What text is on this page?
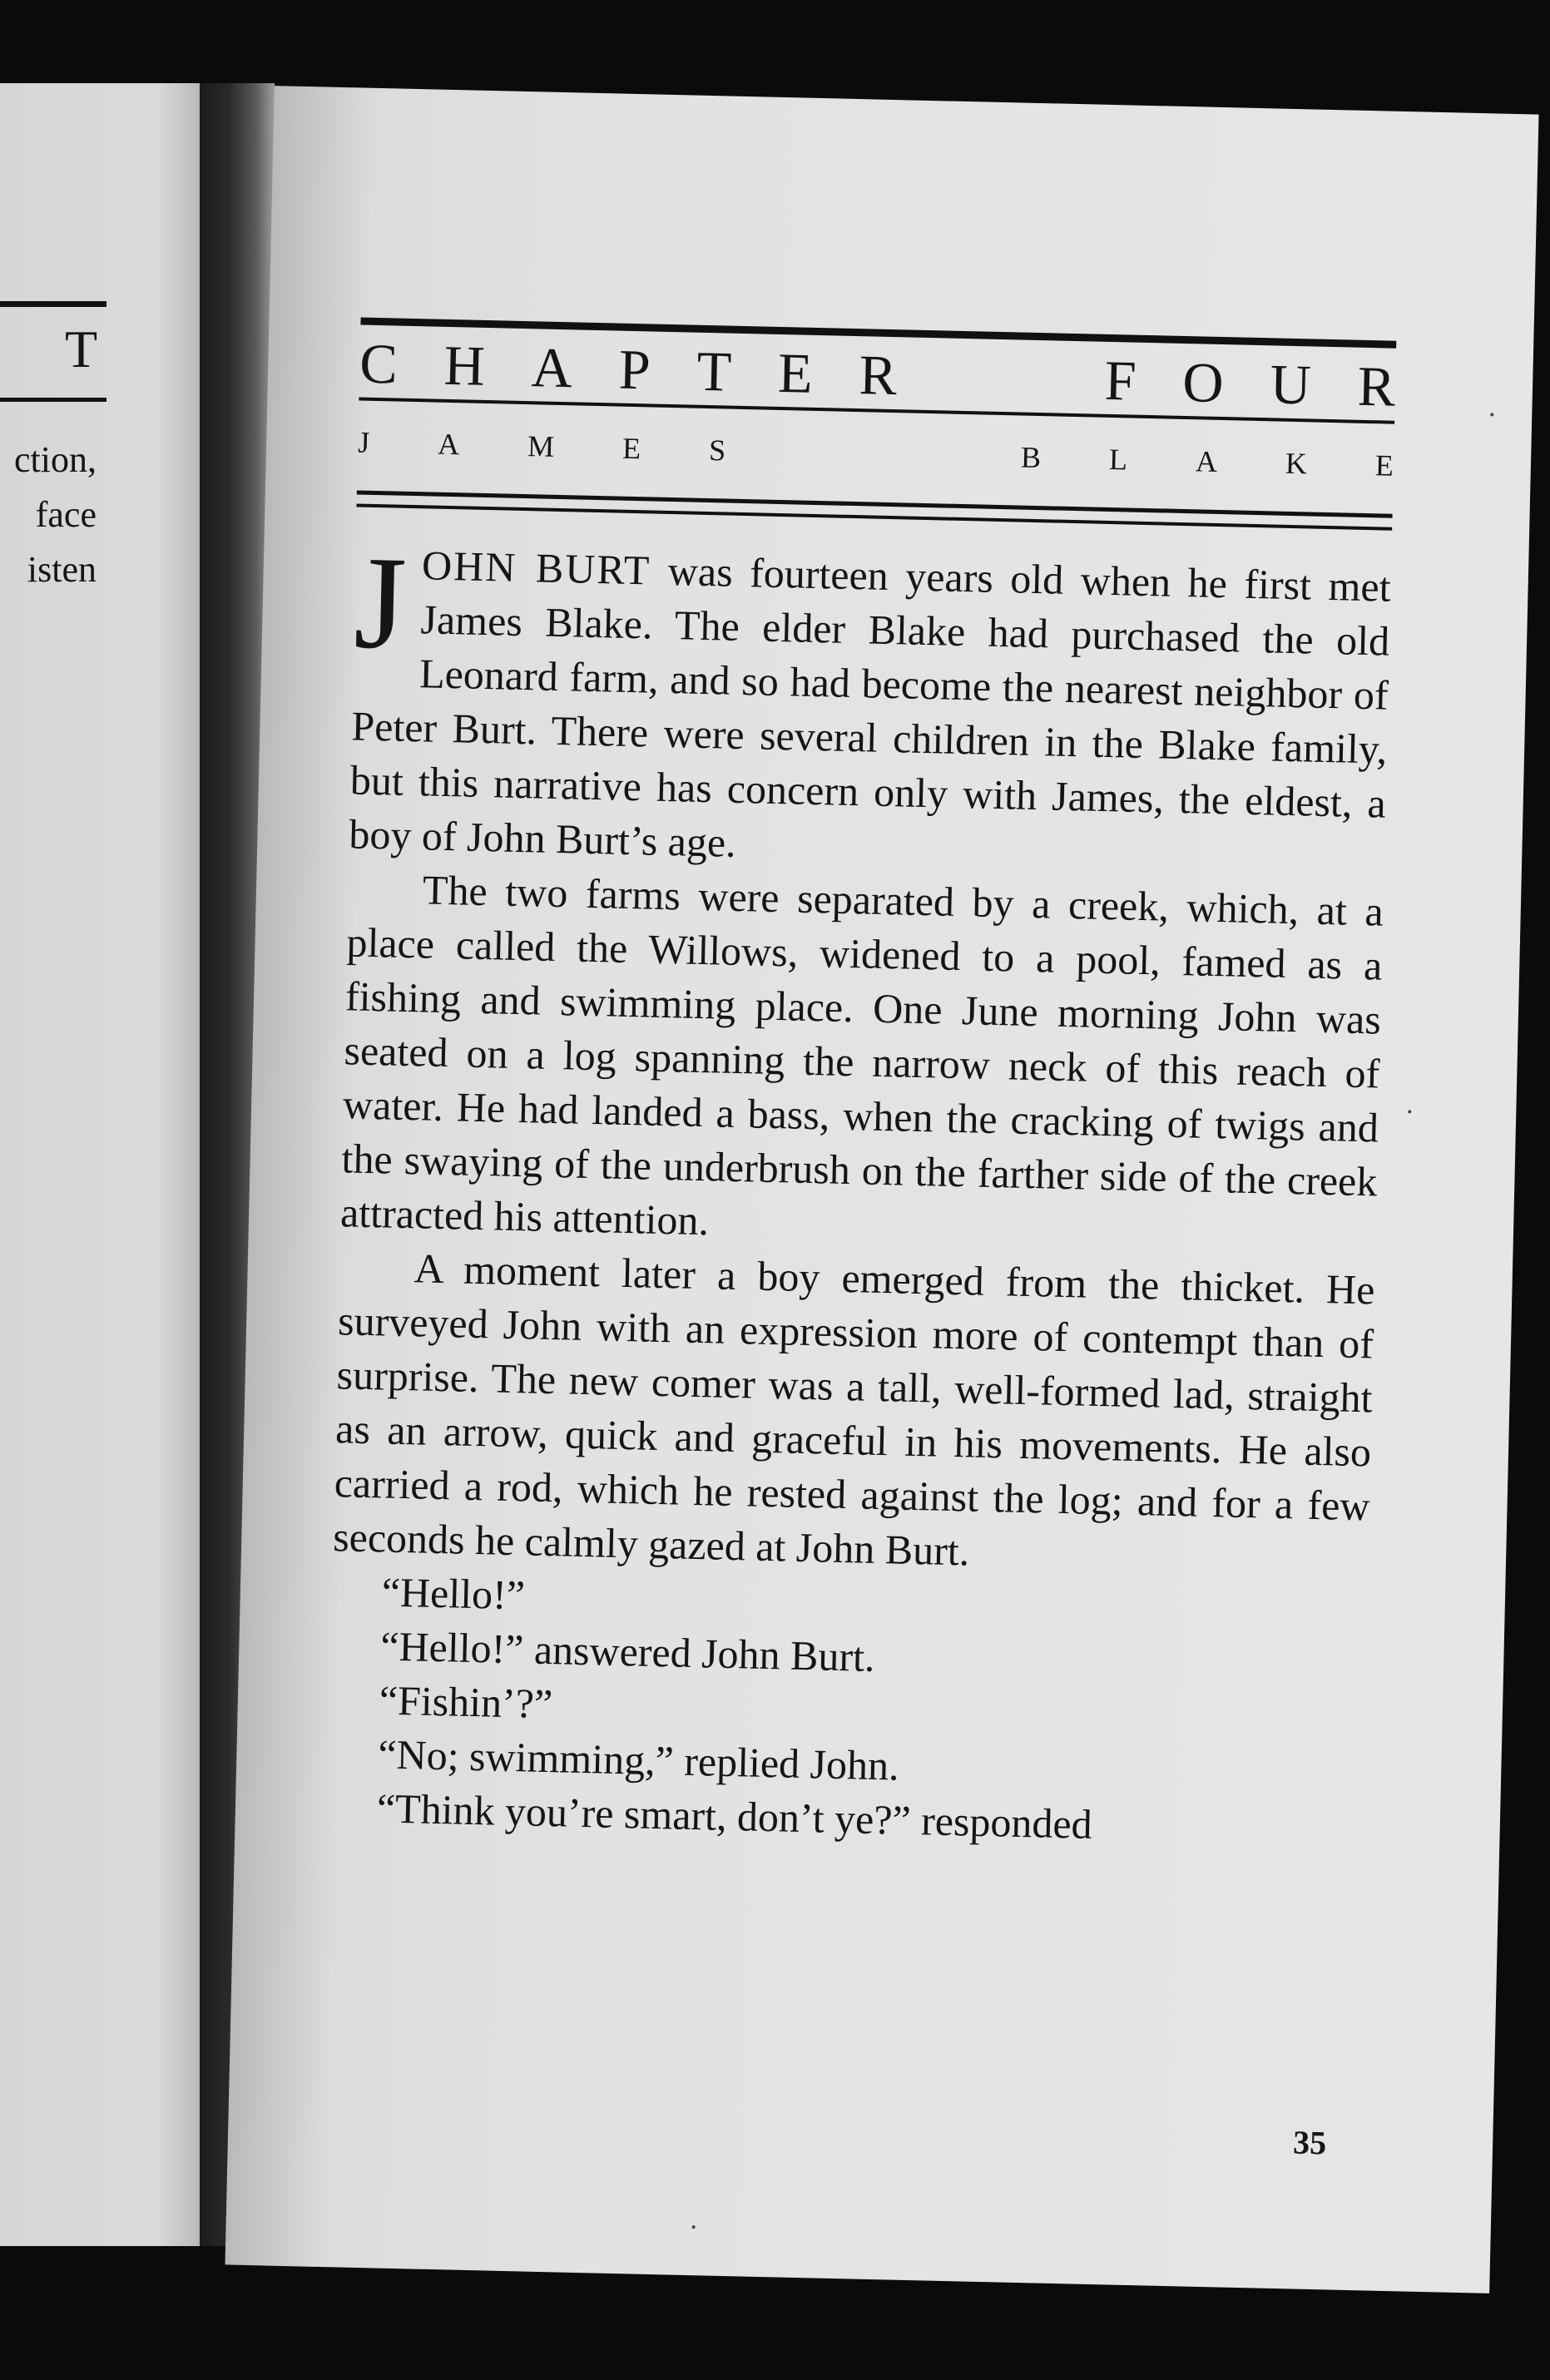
T
ction,
face
isten
CHAPTER	FOUR
JAMES	BLAKE

JOHN BURT was fourteen years old when he first met James Blake. The elder Blake had purchased the old Leonard farm, and so had become the nearest neighbor of Peter Burt. There were several children in the Blake family, but this narrative has concern only with James, the eldest, a boy of John Burt’s age.

The two farms were separated by a creek, which, at a place called the Willows, widened to a pool, famed as a fishing and swimming place. One June morning John was seated on a log spanning the narrow neck of this reach of water. He had landed a bass, when the cracking of twigs and the swaying of the underbrush on the farther side of the creek attracted his attention.

A moment later a boy emerged from the thicket. He surveyed John with an expression more of contempt than of surprise. The new comer was a tall, well-formed lad, straight as an arrow, quick and graceful in his movements. He also carried a rod, which he rested against the log; and for a few seconds he calmly gazed at John Burt.

“Hello!”

“Hello!” answered John Burt.

“Fishin’?”

“No; swimming,” replied John.

“Think you’re smart, don’t ye?” responded

35
